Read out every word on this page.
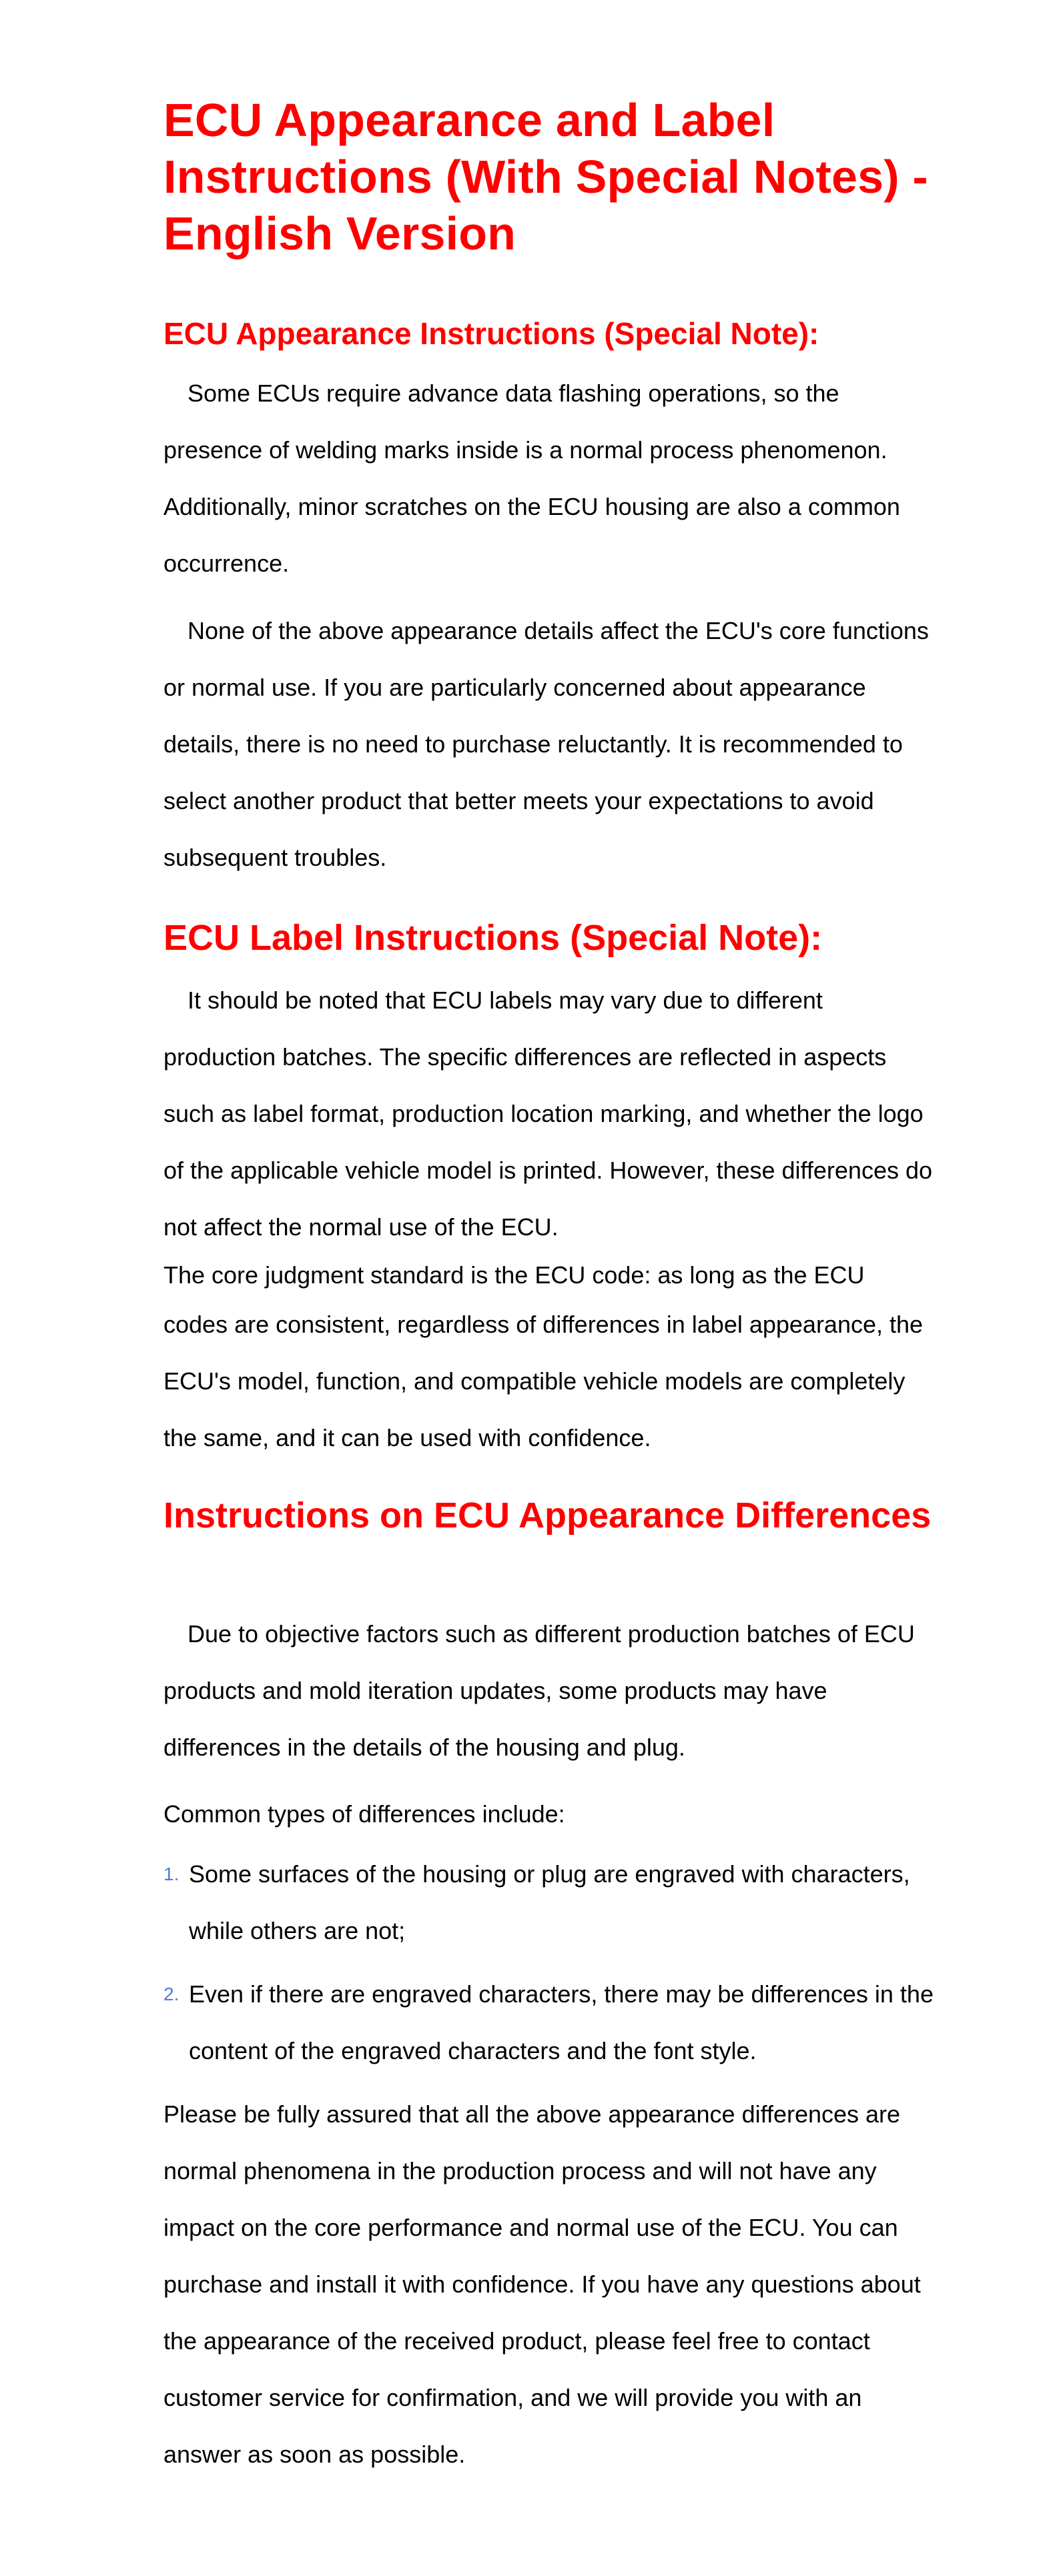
ECU Appearance and Label Instructions (With Special Notes) - English Version
ECU Appearance Instructions (Special Note):

Some ECUs require advance data flashing operations, so the presence of welding marks inside is a normal process phenomenon. Additionally, minor scratches on the ECU housing are also a common occurrence.

None of the above appearance details affect the ECU's core functions or normal use. If you are particularly concerned about appearance details, there is no need to purchase reluctantly. It is recommended to select another product that better meets your expectations to avoid subsequent troubles.

ECU Label Instructions (Special Note):

It should be noted that ECU labels may vary due to different production batches. The specific differences are reflected in aspects such as label format, production location marking, and whether the logo of the applicable vehicle model is printed. However, these differences do not affect the normal use of the ECU.

The core judgment standard is the ECU code: as long as the ECU
codes are consistent, regardless of differences in label appearance, the ECU's model, function, and compatible vehicle models are completely the same, and it can be used with confidence.

Instructions on ECU Appearance Differences

Due to objective factors such as different production batches of ECU products and mold iteration updates, some products may have differences in the details of the housing and plug.

Common types of differences include:

1. Some surfaces of the housing or plug are engraved with characters, while others are not;
2. Even if there are engraved characters, there may be differences in the content of the engraved characters and the font style.

Please be fully assured that all the above appearance differences are normal phenomena in the production process and will not have any impact on the core performance and normal use of the ECU. You can purchase and install it with confidence. If you have any questions about the appearance of the received product, please feel free to contact customer service for confirmation, and we will provide you with an answer as soon as possible.
